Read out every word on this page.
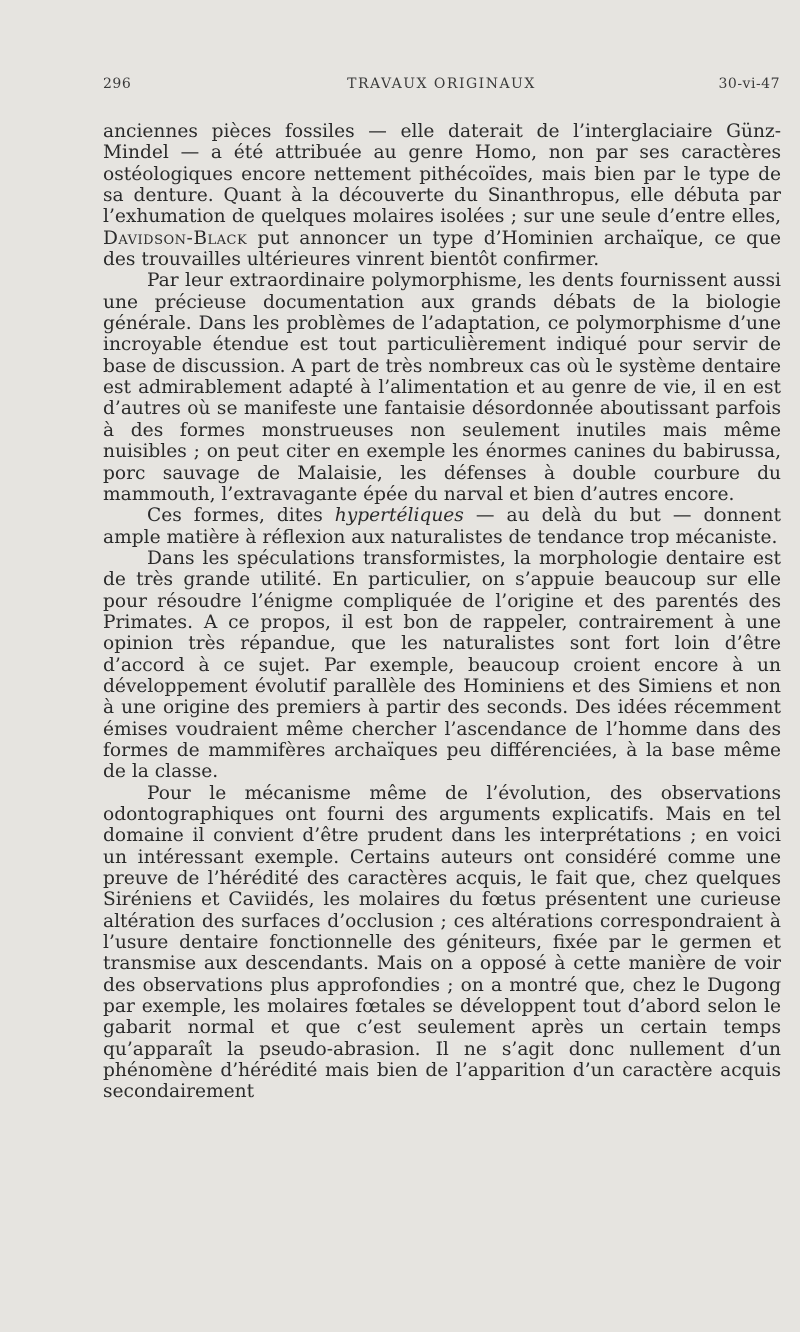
296	TRAVAUX ORIGINAUX	30-vi-47

anciennes pièces fossiles — elle daterait de l’interglaciaire Günz-Mindel — a été attribuée au genre Homo, non par ses caractères ostéologiques encore nettement pithécoïdes, mais bien par le type de sa denture. Quant à la découverte du Sinanthropus, elle débuta par l’exhumation de quelques molaires isolées ; sur une seule d’entre elles, Davidson-Black put annoncer un type d’Hominien archaïque, ce que des trouvailles ultérieures vinrent bientôt confirmer.

Par leur extraordinaire polymorphisme, les dents fournissent aussi une précieuse documentation aux grands débats de la biologie générale. Dans les problèmes de l’adaptation, ce polymorphisme d’une incroyable étendue est tout particulièrement indiqué pour servir de base de discussion. A part de très nombreux cas où le système dentaire est admirablement adapté à l’alimentation et au genre de vie, il en est d’autres où se manifeste une fantaisie désordonnée aboutissant parfois à des formes monstrueuses non seulement inutiles mais même nuisibles ; on peut citer en exemple les énormes canines du babirussa, porc sauvage de Malaisie, les défenses à double courbure du mammouth, l’extravagante épée du narval et bien d’autres encore.

Ces formes, dites hypertéliques — au delà du but — donnent ample matière à réflexion aux naturalistes de tendance trop mécaniste.

Dans les spéculations transformistes, la morphologie dentaire est de très grande utilité. En particulier, on s’appuie beaucoup sur elle pour résoudre l’énigme compliquée de l’origine et des parentés des Primates. A ce propos, il est bon de rappeler, contrairement à une opinion très répandue, que les naturalistes sont fort loin d’être d’accord à ce sujet. Par exemple, beaucoup croient encore à un développement évolutif parallèle des Hominiens et des Simiens et non à une origine des premiers à partir des seconds. Des idées récemment émises voudraient même chercher l’ascendance de l’homme dans des formes de mammifères archaïques peu différenciées, à la base même de la classe.

Pour le mécanisme même de l’évolution, des observations odontographiques ont fourni des arguments explicatifs. Mais en tel domaine il convient d’être prudent dans les interprétations ; en voici un intéressant exemple. Certains auteurs ont considéré comme une preuve de l’hérédité des caractères acquis, le fait que, chez quelques Siréniens et Caviidés, les molaires du fœtus présentent une curieuse altération des surfaces d’occlusion ; ces altérations correspondraient à l’usure dentaire fonctionnelle des géniteurs, fixée par le germen et transmise aux descendants. Mais on a opposé à cette manière de voir des observations plus approfondies ; on a montré que, chez le Dugong par exemple, les molaires fœtales se développent tout d’abord selon le gabarit normal et que c’est seulement après un certain temps qu’apparaît la pseudo-abrasion. Il ne s’agit donc nullement d’un phénomène d’hérédité mais bien de l’apparition d’un caractère acquis secondairement
